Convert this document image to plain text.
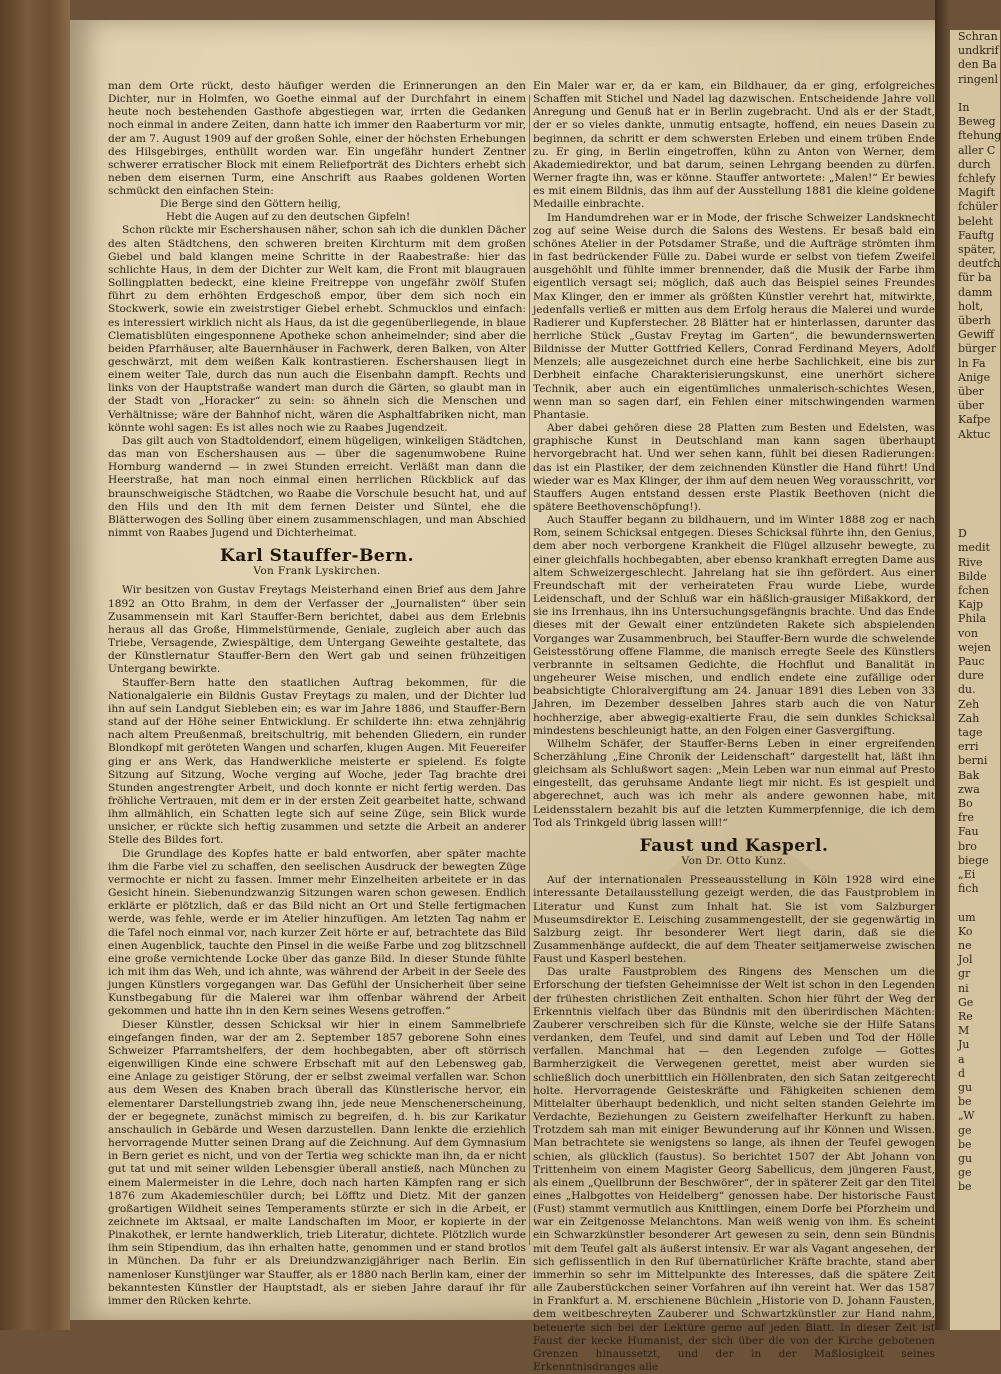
man dem Orte rückt, desto häufiger werden die Erinnerungen an den Dichter, nur in Holmfen, wo Goethe einmal auf der Durchfahrt in einem heute noch bestehenden Gasthofe abgestiegen war, irrten die Gedanken noch einmal in andere Zeiten, dann hatte ich immer den Raaberturm vor mir, der am 7. August 1909 auf der großen Sohle, einer der höchsten Erhebungen des Hilsgebirges, enthüllt worden war. Ein ungefähr hundert Zentner schwerer erratischer Block mit einem Reliefporträt des Dichters erhebt sich neben dem eisernen Turm, eine Anschrift aus Raabes goldenen Worten schmückt den einfachen Stein:

Die Berge sind den Göttern heilig,
Hebt die Augen auf zu den deutschen Gipfeln!

Schon rückte mir Eschershausen näher, schon sah ich die dunklen Dächer des alten Städtchens, den schweren breiten Kirchturm mit dem großen Giebel und bald klangen meine Schritte in der Raabestraße: hier das schlichte Haus, in dem der Dichter zur Welt kam, die Front mit blaugrauen Sollingplatten bedeckt, eine kleine Freitreppe von ungefähr zwölf Stufen führt zu dem erhöhten Erdgeschoß empor, über dem sich noch ein Stockwerk, sowie ein zweistrstiger Giebel erhebt. Schmucklos und einfach: es interessiert wirklich nicht als Haus, da ist die gegenüberliegende, in blaue Clematisblüten eingesponnene Apotheke schon anheimelnder; sind aber die beiden Pfarrhäuser, alte Bauernhäuser in Fachwerk, deren Balken, von Alter geschwärzt, mit dem weißen Kalk kontrastieren. Eschershausen liegt in einem weiter Tale, durch das nun auch die Eisenbahn dampft. Rechts und links von der Hauptstraße wandert man durch die Gärten, so glaubt man in der Stadt von „Horacker“ zu sein: so ähneln sich die Menschen und Verhältnisse; wäre der Bahnhof nicht, wären die Asphaltfabriken nicht, man könnte wohl sagen: Es ist alles noch wie zu Raabes Jugendzeit.

Das gilt auch von Stadtoldendorf, einem hügeligen, winkeligen Städtchen, das man von Eschershausen aus — über die sagenumwobene Ruine Hornburg wandernd — in zwei Stunden erreicht. Verläßt man dann die Heerstraße, hat man noch einmal einen herrlichen Rückblick auf das braunschweigische Städtchen, wo Raabe die Vorschule besucht hat, und auf den Hils und den Ith mit dem fernen Deister und Süntel, ehe die Blätterwogen des Solling über einem zusammenschlagen, und man Abschied nimmt von Raabes Jugend und Dichterheimat.

Karl Stauffer-Bern.
Von Frank Lyskirchen.

Wir besitzen von Gustav Freytags Meisterhand einen Brief aus dem Jahre 1892 an Otto Brahm, in dem der Verfasser der „Journalisten“ über sein Zusammensein mit Karl Stauffer-Bern berichtet, dabei aus dem Erlebnis heraus all das Große, Himmelstürmende, Geniale, zugleich aber auch das Triebe, Versagende, Zwiespältige, dem Untergang Geweihte gestaltete, das der Künstlernatur Stauffer-Bern den Wert gab und seinen frühzeitigen Untergang bewirkte.

Stauffer-Bern hatte den staatlichen Auftrag bekommen, für die Nationalgalerie ein Bildnis Gustav Freytags zu malen, und der Dichter lud ihn auf sein Landgut Siebleben ein; es war im Jahre 1886, und Stauffer-Bern stand auf der Höhe seiner Entwicklung. Er schilderte ihn: etwa zehnjährig nach altem Preußenmaß, breitschultrig, mit behenden Gliedern, ein runder Blondkopf mit geröteten Wangen und scharfen, klugen Augen. Mit Feuereifer ging er ans Werk, das Handwerkliche meisterte er spielend. Es folgte Sitzung auf Sitzung, Woche verging auf Woche, jeder Tag brachte drei Stunden angestrengter Arbeit, und doch konnte er nicht fertig werden. Das fröhliche Vertrauen, mit dem er in der ersten Zeit gearbeitet hatte, schwand ihm allmählich, ein Schatten legte sich auf seine Züge, sein Blick wurde unsicher, er rückte sich heftig zusammen und setzte die Arbeit an anderer Stelle des Bildes fort.

Die Grundlage des Kopfes hatte er bald entworfen, aber später machte ihm die Farbe viel zu schaffen, den seelischen Ausdruck der bewegten Züge vermochte er nicht zu fassen. Immer mehr Einzelheiten arbeitete er in das Gesicht hinein. Siebenundzwanzig Sitzungen waren schon gewesen. Endlich erklärte er plötzlich, daß er das Bild nicht an Ort und Stelle fertigmachen werde, was fehle, werde er im Atelier hinzufügen. Am letzten Tag nahm er die Tafel noch einmal vor, nach kurzer Zeit hörte er auf, betrachtete das Bild einen Augenblick, tauchte den Pinsel in die weiße Farbe und zog blitzschnell eine große vernichtende Locke über das ganze Bild. In dieser Stunde fühlte ich mit ihm das Weh, und ich ahnte, was während der Arbeit in der Seele des jungen Künstlers vorgegangen war. Das Gefühl der Unsicherheit über seine Kunstbegabung für die Malerei war ihm offenbar während der Arbeit gekommen und hatte ihn in den Kern seines Wesens getroffen.“

Dieser Künstler, dessen Schicksal wir hier in einem Sammelbriefe eingefangen finden, war der am 2. September 1857 geborene Sohn eines Schweizer Pfarramtshelfers, der dem hochbegabten, aber oft störrisch eigenwilligen Kinde eine schwere Erbschaft mit auf den Lebensweg gab, eine Anlage zu geistiger Störung, der er selbst zweimal verfallen war. Schon aus dem Wesen des Knaben brach überall das Künstlerische hervor, ein elementarer Darstellungstrieb zwang ihn, jede neue Menschenerscheinung, der er begegnete, zunächst mimisch zu begreifen, d. h. bis zur Karikatur anschaulich in Gebärde und Wesen darzustellen. Dann lenkte die erziehlich hervorragende Mutter seinen Drang auf die Zeichnung. Auf dem Gymnasium in Bern geriet es nicht, und von der Tertia weg schickte man ihn, da er nicht gut tat und mit seiner wilden Lebensgier überall anstieß, nach München zu einem Malermeister in die Lehre, doch nach harten Kämpfen rang er sich 1876 zum Akademieschüler durch; bei Löfftz und Dietz. Mit der ganzen großartigen Wildheit seines Temperaments stürzte er sich in die Arbeit, er zeichnete im Aktsaal, er malte Landschaften im Moor, er kopierte in der Pinakothek, er lernte handwerklich, trieb Literatur, dichtete. Plötzlich wurde ihm sein Stipendium, das ihn erhalten hatte, genommen und er stand brotlos in München. Da fuhr er als Dreiundzwanzigjähriger nach Berlin. Ein namenloser Kunstjünger war Stauffer, als er 1880 nach Berlin kam, einer der bekanntesten Künstler der Hauptstadt, als er sieben Jahre darauf ihr für immer den Rücken kehrte.

Ein Maler war er, da er kam, ein Bildhauer, da er ging, erfolgreiches Schaffen mit Stichel und Nadel lag dazwischen. Entscheidende Jahre voll Anregung und Genuß hat er in Berlin zugebracht. Und als er der Stadt, der er so vieles dankte, unmutig entsagte, hoffend, ein neues Dasein zu beginnen, da schritt er dem schwersten Erleben und einem trüben Ende zu. Er ging, in Berlin eingetroffen, kühn zu Anton von Werner, dem Akademiedirektor, und bat darum, seinen Lehrgang beenden zu dürfen. Werner fragte ihn, was er könne. Stauffer antwortete: „Malen!“ Er bewies es mit einem Bildnis, das ihm auf der Ausstellung 1881 die kleine goldene Medaille einbrachte.

Im Handumdrehen war er in Mode, der frische Schweizer Landsknecht zog auf seine Weise durch die Salons des Westens. Er besaß bald ein schönes Atelier in der Potsdamer Straße, und die Aufträge strömten ihm in fast bedrückender Fülle zu. Dabei wurde er selbst von tiefem Zweifel ausgehöhlt und fühlte immer brennender, daß die Musik der Farbe ihm eigentlich versagt sei; möglich, daß auch das Beispiel seines Freundes Max Klinger, den er immer als größten Künstler verehrt hat, mitwirkte, jedenfalls verließ er mitten aus dem Erfolg heraus die Malerei und wurde Radierer und Kupferstecher. 28 Blätter hat er hinterlassen, darunter das herrliche Stück „Gustav Freytag im Garten“, die bewundernswerten Bildnisse der Mutter Gottfried Kellers, Conrad Ferdinand Meyers, Adolf Menzels; alle ausgezeichnet durch eine herbe Sachlichkeit, eine bis zur Derbheit einfache Charakterisierungskunst, eine unerhört sichere Technik, aber auch ein eigentümliches unmalerisch-schichtes Wesen, wenn man so sagen darf, ein Fehlen einer mitschwingenden warmen Phantasie.

Aber dabei gehören diese 28 Platten zum Besten und Edelsten, was graphische Kunst in Deutschland man kann sagen überhaupt hervorgebracht hat. Und wer sehen kann, fühlt bei diesen Radierungen: das ist ein Plastiker, der dem zeichnenden Künstler die Hand führt! Und wieder war es Max Klinger, der ihm auf dem neuen Weg vorausschritt, vor Stauffers Augen entstand dessen erste Plastik Beethoven (nicht die spätere Beethovenschöpfung!).

Auch Stauffer begann zu bildhauern, und im Winter 1888 zog er nach Rom, seinem Schicksal entgegen. Dieses Schicksal führte ihn, den Genius, dem aber noch verborgene Krankheit die Flügel allzusehr bewegte, zu einer gleichfalls hochbegabten, aber ebenso krankhaft erregten Dame aus altem Schweizergeschlecht. Jahrelang hat sie ihn gefördert. Aus einer Freundschaft mit der verheirateten Frau wurde Liebe, wurde Leidenschaft, und der Schluß war ein häßlich-grausiger Mißakkord, der sie ins Irrenhaus, ihn ins Untersuchungsgefängnis brachte. Und das Ende dieses mit der Gewalt einer entzündeten Rakete sich abspielenden Vorganges war Zusammenbruch, bei Stauffer-Bern wurde die schwelende Geistesstörung offene Flamme, die manisch erregte Seele des Künstlers verbrannte in seltsamen Gedichte, die Hochflut und Banalität in ungeheurer Weise mischen, und endlich endete eine zufällige oder beabsichtigte Chloralvergiftung am 24. Januar 1891 dies Leben von 33 Jahren, im Dezember desselben Jahres starb auch die von Natur hochherzige, aber abwegig-exaltierte Frau, die sein dunkles Schicksal mindestens beschleunigt hatte, an den Folgen einer Gasvergiftung.

Wilhelm Schäfer, der Stauffer-Berns Leben in einer ergreifenden Scherzählung „Eine Chronik der Leidenschaft“ dargestellt hat, läßt ihn gleichsam als Schlußwort sagen: „Mein Leben war nun einmal auf Presto eingestellt, das geruhsame Andante liegt mir nicht. Es ist gespielt und abgerechnet, auch was ich mehr als andere gewonnen habe, mit Leidensstalern bezahlt bis auf die letzten Kummerpfennige, die ich dem Tod als Trinkgeld übrig lassen will!“

Faust und Kasperl.
Von Dr. Otto Kunz.

Auf der internationalen Presseausstellung in Köln 1928 wird eine interessante Detailausstellung gezeigt werden, die das Faustproblem in Literatur und Kunst zum Inhalt hat. Sie ist vom Salzburger Museumsdirektor E. Leisching zusammengestellt, der sie gegenwärtig in Salzburg zeigt. Ihr besonderer Wert liegt darin, daß sie die Zusammenhänge aufdeckt, die auf dem Theater seitjamerweise zwischen Faust und Kasperl bestehen.

Das uralte Faustproblem des Ringens des Menschen um die Erforschung der tiefsten Geheimnisse der Welt ist schon in den Legenden der frühesten christlichen Zeit enthalten. Schon hier führt der Weg der Erkenntnis vielfach über das Bündnis mit den überirdischen Mächten: Zauberer verschreiben sich für die Künste, welche sie der Hilfe Satans verdanken, dem Teufel, und sind damit auf Leben und Tod der Hölle verfallen. Manchmal hat — den Legenden zufolge — Gottes Barmherzigkeit die Verwegenen gerettet, meist aber wurden sie schließlich doch unerbittlich ein Höllenbraten, den sich Satan zeitgerecht holte. Hervorragende Geisteskräfte und Fähigkeiten schienen dem Mittelalter überhaupt bedenklich, und nicht selten standen Gelehrte im Verdachte, Beziehungen zu Geistern zweifelhafter Herkunft zu haben. Trotzdem sah man mit einiger Bewunderung auf ihr Können und Wissen. Man betrachtete sie wenigstens so lange, als ihnen der Teufel gewogen schien, als glücklich (faustus). So berichtet 1507 der Abt Johann von Trittenheim von einem Magister Georg Sabellicus, dem jüngeren Faust, als einem „Quellbrunn der Beschwörer“, der in späterer Zeit gar den Titel eines „Halbgottes von Heidelberg“ genossen habe. Der historische Faust (Fust) stammt vermutlich aus Knittlingen, einem Dorfe bei Pforzheim und war ein Zeitgenosse Melanchtons. Man weiß wenig von ihm. Es scheint ein Schwarzkünstler besonderer Art gewesen zu sein, denn sein Bündnis mit dem Teufel galt als äußerst intensiv. Er war als Vagant angesehen, der sich geflissentlich in den Ruf übernatürlicher Kräfte brachte, stand aber immerhin so sehr im Mittelpunkte des Interesses, daß die spätere Zeit alle Zauberstückchen seiner Vorfahren auf ihn vereint hat. Wer das 1587 in Frankfurt a. M. erschienene Büchlein „Historie von D. Johann Fausten, dem weitbeschreyten Zauberer und Schwartzkünstler zur Hand nahm, beteuerte sich bei der Lektüre gerne auf jeden Blatt. In dieser Zeit ist Faust der kecke Humanist, der sich über die von der Kirche gebotenen Grenzen hinaussetzt, und der in der Maßlosigkeit seines Erkenntnisdranges alle

Schran

undkrif

den Ba

ringenl

In

Beweg

ftehung

aller C

durch

fchlefy

Magift

fchüler

beleht

Fauftg

später,

deutfch

für ba

damm

holt,

überh

Gewiff

bürger

ln Fa

Anige

über

über

Kafpe

Aktuc

D

medit

Rive

Bilde

fchen

Kajp

Phila

von

wejen

Pauc

dure

du.

Zeh

Zah

tage

erri

berni

Bak

zwa

Bo

fre

Fau

bro

biege

„Ei

fich

um

Ko

ne

Jol

gr

ni

Ge

Re

M

Ju

a

d

gu

be

„W

ge

be

gu

ge

be
